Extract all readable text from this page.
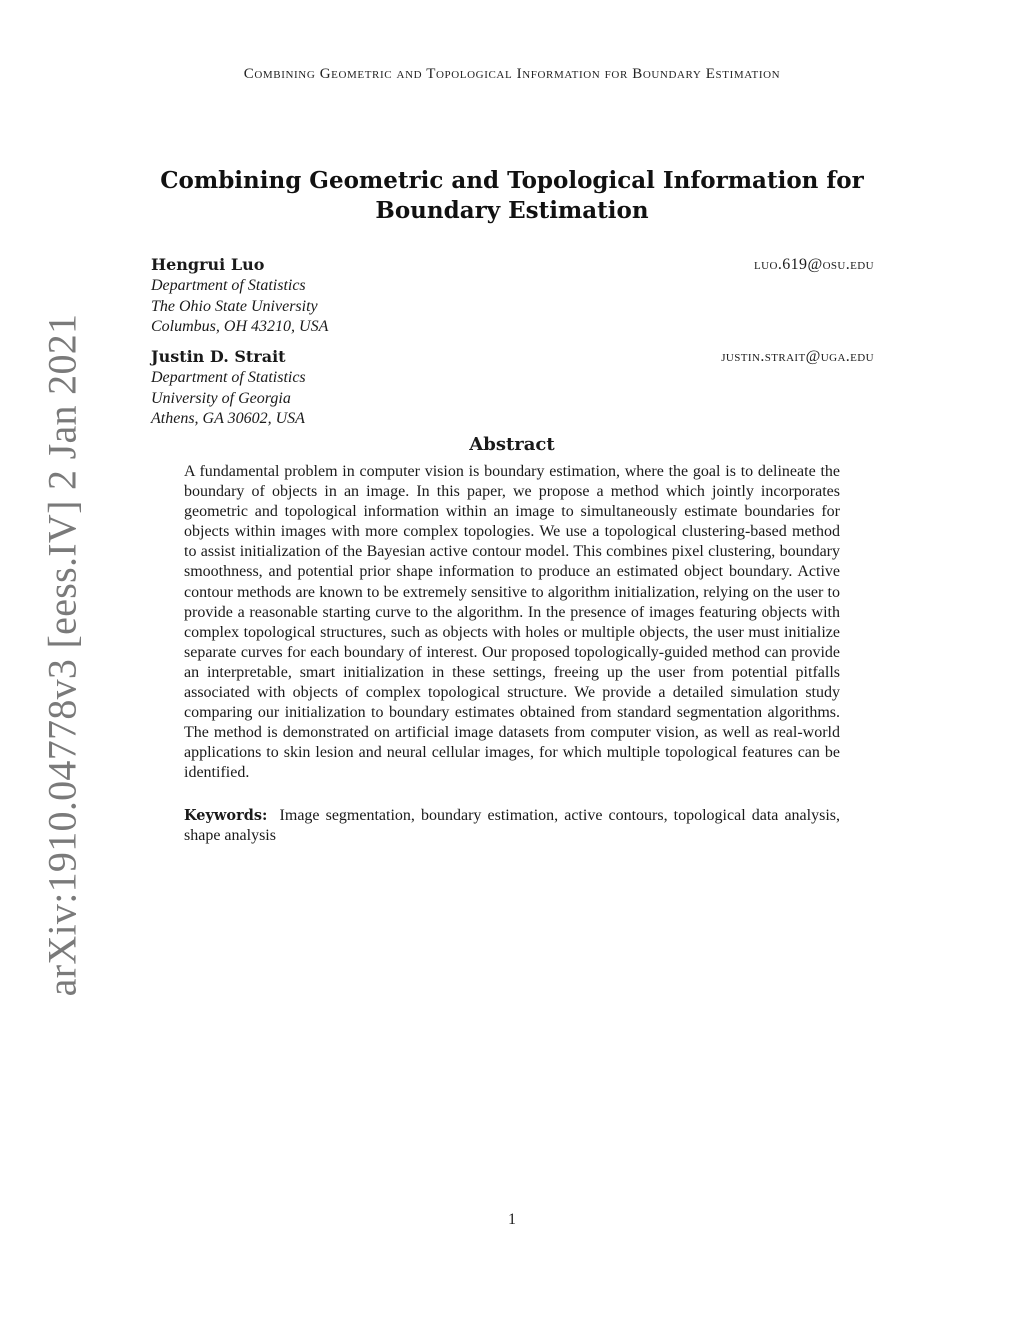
Combining Geometric and Topological Information for Boundary Estimation
arXiv:1910.04778v3 [eess.IV] 2 Jan 2021
Combining Geometric and Topological Information for
Boundary Estimation
Hengrui Luo	luo.619@osu.edu
Department of Statistics
The Ohio State University
Columbus, OH 43210, USA
Justin D. Strait	justin.strait@uga.edu
Department of Statistics
University of Georgia
Athens, GA 30602, USA
Abstract
A fundamental problem in computer vision is boundary estimation, where the goal is to delineate the boundary of objects in an image. In this paper, we propose a method which jointly incorporates geometric and topological information within an image to simultaneously estimate boundaries for objects within images with more complex topologies. We use a topological clustering-based method to assist initialization of the Bayesian active contour model. This combines pixel clustering, boundary smoothness, and potential prior shape information to produce an estimated object boundary. Active contour methods are known to be extremely sensitive to algorithm initialization, relying on the user to provide a reasonable starting curve to the algorithm. In the presence of images featuring objects with complex topological structures, such as objects with holes or multiple objects, the user must initialize separate curves for each boundary of interest. Our proposed topologically-guided method can provide an interpretable, smart initialization in these settings, freeing up the user from potential pitfalls associated with objects of complex topological structure. We provide a detailed simulation study comparing our initialization to boundary estimates obtained from standard segmentation algorithms. The method is demonstrated on artificial image datasets from computer vision, as well as real-world applications to skin lesion and neural cellular images, for which multiple topological features can be identified.
Keywords: Image segmentation, boundary estimation, active contours, topological data analysis, shape analysis
1
